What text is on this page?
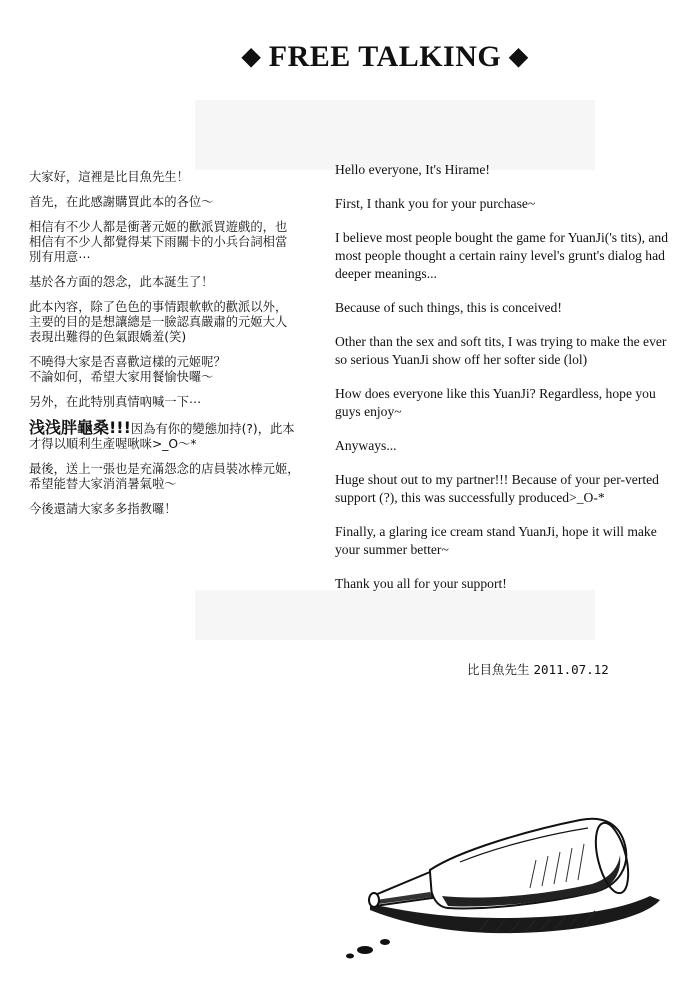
◆ FREE TALKING ◆

大家好，這裡是比目魚先生！

首先，在此感謝購買此本的各位～

相信有不少人都是衝著元姬的歡派買遊戲的，也
相信有不少人都覺得某下雨關卡的小兵台詞相當
別有用意⋯

基於各方面的怨念，此本誕生了！

此本內容，除了色色的事情跟軟軟的歡派以外，
主要的目的是想讓總是一臉認真嚴肅的元姬大人
表現出難得的色氣跟嬌羞(笑)

不曉得大家是否喜歡這樣的元姬呢？
不論如何，希望大家用餐愉快囉～

另外，在此特別真情吶喊一下⋯

浅浅胖龜桑!!!因為有你的變態加持(?)，此本
才得以順利生產喔啾咪>_O～*

最後，送上一張也是充滿怨念的店員裝冰棒元姬，
希望能替大家消消暑氣啦～

今後還請大家多多指教囉！

Hello everyone, It's Hirame!

First, I thank you for your purchase~

I believe most people bought the game for YuanJi('s tits), and most people thought a certain rainy level's grunt's dialog had deeper meanings...

Because of such things, this is conceived!

Other than the sex and soft tits, I was trying to make the ever so serious YuanJi show off her softer side (lol)

How does everyone like this YuanJi? Regardless, hope you guys enjoy~

Anyways...

Huge shout out to my partner!!! Because of your per-verted support (?), this was successfully produced>_O-*

Finally, a glaring ice cream stand YuanJi, hope it will make your summer better~

Thank you all for your support!

比目魚先生 2011.07.12
